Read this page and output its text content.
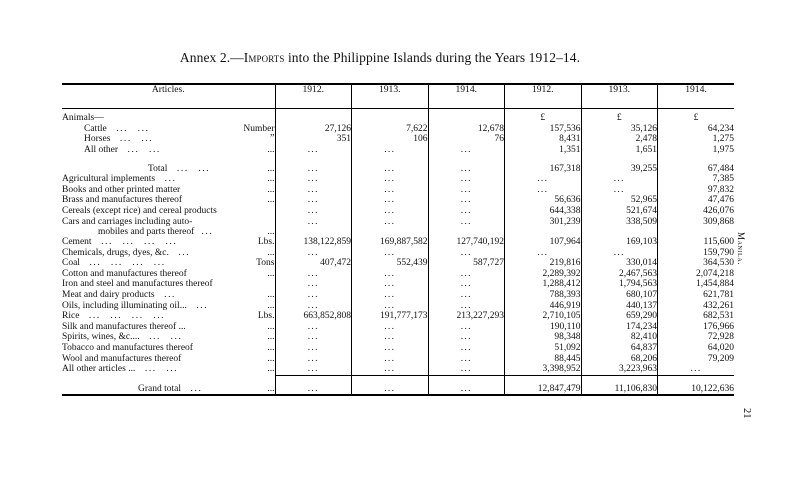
Annex 2.—Imports into the Philippine Islands during the Years 1912–14.
Articles.	1912.	1913.	1914.	1912.	1913.	1914.

Animals—				£	£	£
Cattle ... ... Number	27,126	7,622	12,678	157,536	35,126	64,234
Horses ... ... ”	351	106	76	8,431	2,478	1,275
All other ... ... ...	...	...	...	1,351	1,651	1,975

Total ... ... ...	...	...	...	167,318	39,255	67,484
Agricultural implements ... ...	...	...	...	...	...	7,385
Books and other printed matter ...	...	...	...	...	...	97,832
Brass and manufactures thereof ...	...	...	...	56,636	52,965	47,476
Cereals (except rice) and cereal products	...	...	...	644,338	521,674	426,076
Cars and carriages including auto-
mobiles and parts thereof   ... ...	...	...	...	301,239	338,509	309,868
Cement ... ... ... ... Lbs.	138,122,859	169,887,582	127,740,192	107,964	169,103	115,600
Chemicals, drugs, dyes, &c. ... ...	...	...	...	...	...	159,790
Coal ... ... ... ... Tons	407,472	552,439	587,727	219,816	330,014	364,530
Cotton and manufactures thereof ...	...	...	...	2,289,392	2,467,563	2,074,218
Iron and steel and manufactures thereof	...	...	...	1,288,412	1,794,563	1,454,884
Meat and dairy products ... ...	...	...	...	788,393	680,107	621,781
Oils, including illuminating oil... ... ...	...	...	...	446,919	440,137	432,261
Rice ... ... ... ... Lbs.	663,852,808	191,777,173	213,227,293	2,710,105	659,290	682,531
Silk and manufactures thereof ... ...	...	...	...	190,110	174,234	176,966
Spirits, wines, &c.... ... ... ...	...	...	...	98,348	82,410	72,928
Tobacco and manufactures thereof ...	...	...	...	51,092	64,837	64,020
Wool and manufactures thereof ...	...	...	...	88,445	68,206	79,209
All other articles ... ... ... ...	...	...	...	3,398,952	3,223,963	...

Grand total ... ...	...	...	...	12,847,479	11,106,830	10,122,636

Manila.
21
